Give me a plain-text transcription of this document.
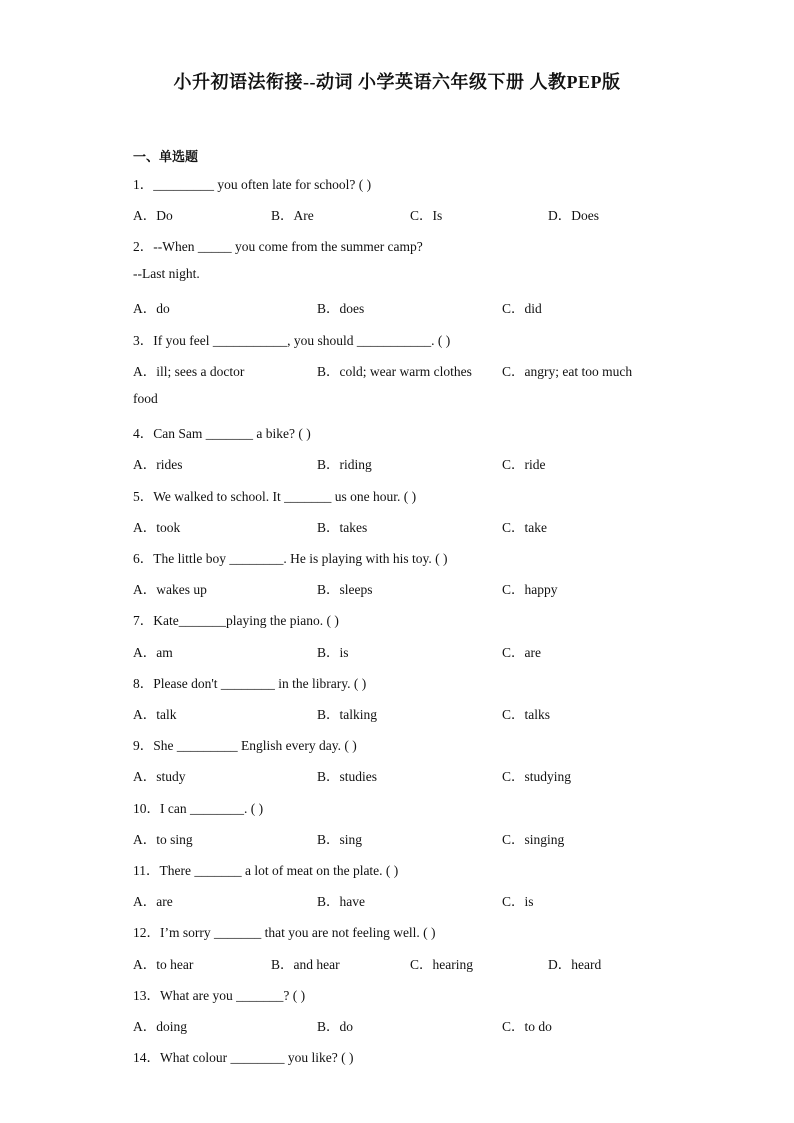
小升初语法衔接--动词 小学英语六年级下册 人教PEP版
一、单选题
1．_________ you often late for school? ( )
A．Do	B．Are	C．Is	D．Does
2．--When _____ you come from the summer camp?
--Last night.
A．do	B．does	C．did
3．If you feel ___________, you should ___________. ( )
A．ill; sees a doctor	B．cold; wear warm clothes C．angry; eat too much
food
4．Can Sam _______ a bike? ( )
A．rides	B．riding	C．ride
5．We walked to school. It _______ us one hour. ( )
A．took	B．takes	C．take
6．The little boy ________. He is playing with his toy. ( )
A．wakes up	B．sleeps	C．happy
7．Kate_______playing the piano. ( )
A．am	B．is	C．are
8．Please don't ________ in the library. ( )
A．talk	B．talking	C．talks
9．She _________ English every day. ( )
A．study	B．studies	C．studying
10．I can ________. ( )
A．to sing	B．sing	C．singing
11．There _______ a lot of meat on the plate. ( )
A．are	B．have	C．is
12．I’m sorry _______ that you are not feeling well. ( )
A．to hear	B．and hear	C．hearing	D．heard
13．What are you _______? ( )
A．doing	B．do	C．to do
14．What colour ________ you like? ( )
